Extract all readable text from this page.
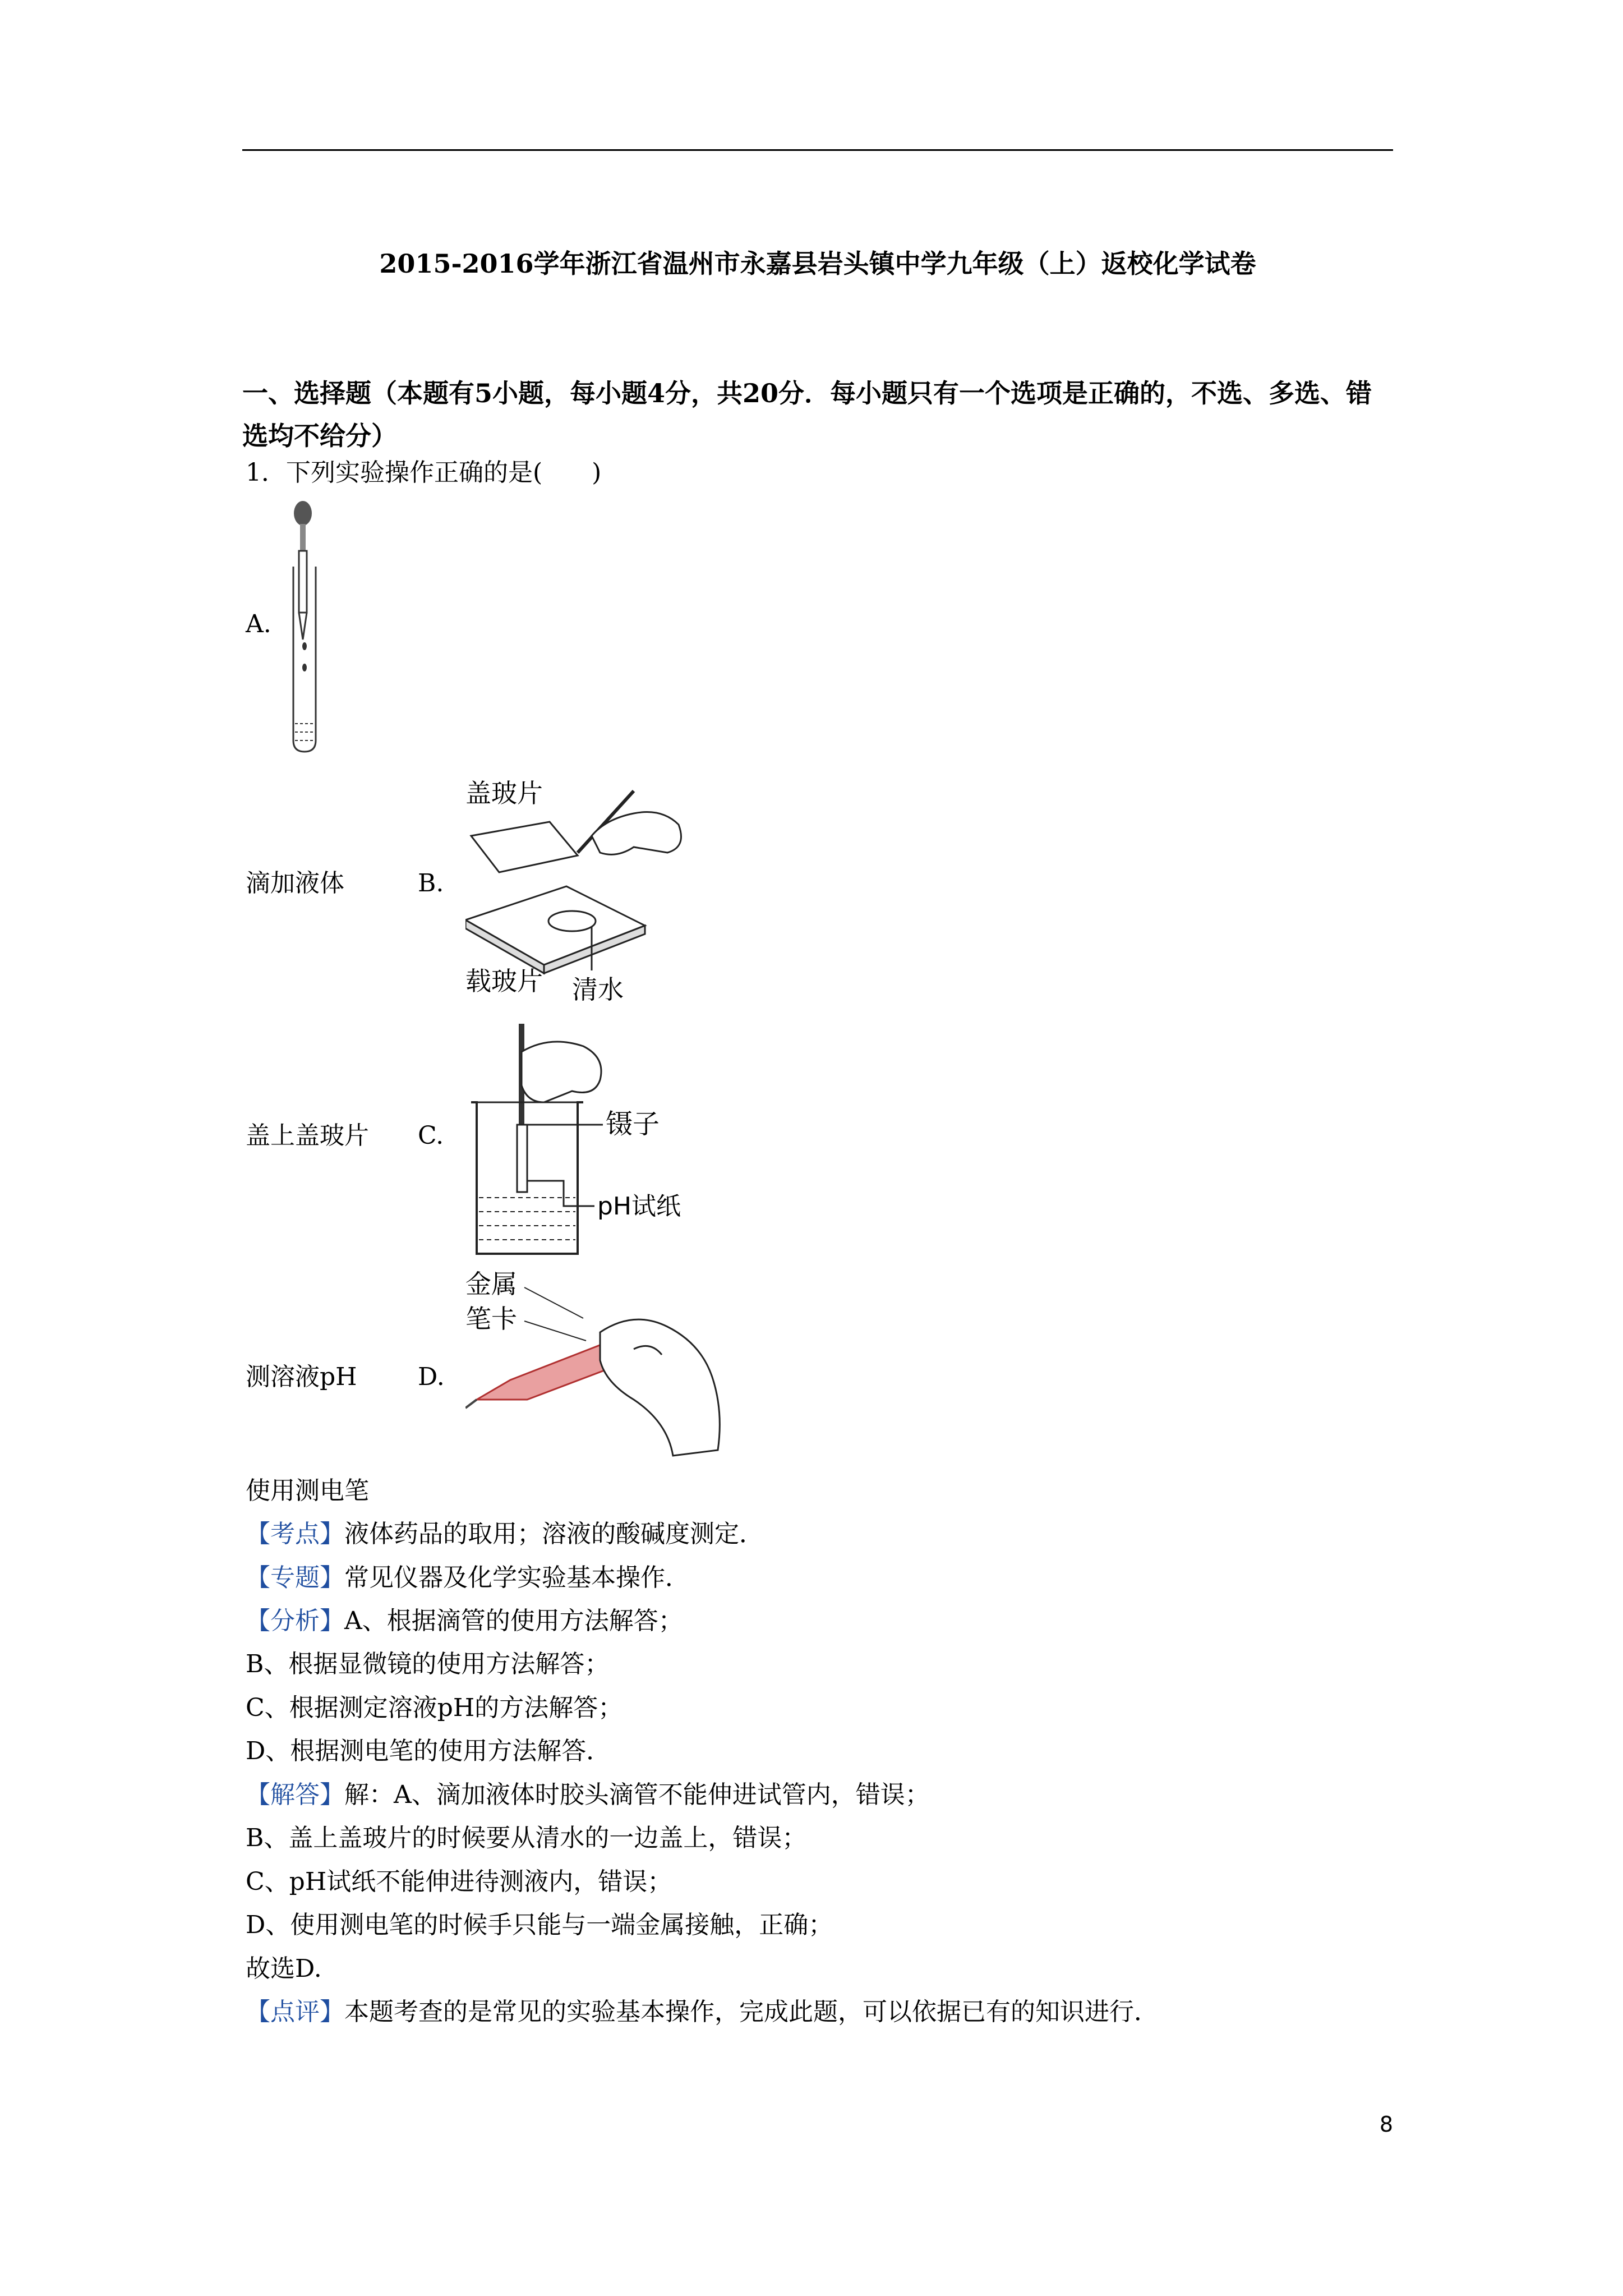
2015-2016学年浙江省温州市永嘉县岩头镇中学九年级（上）返校化学试卷
一、选择题（本题有5小题，每小题4分，共20分．每小题只有一个选项是正确的，不选、多选、错选均不给分）
1．下列实验操作正确的是(　　)
A.
滴加液体	B.
盖玻片
载玻片 清水
盖上盖玻片 C.	镊子
pH试纸
测溶液pH D.
金属
笔卡
使用测电笔
【考点】液体药品的取用；溶液的酸碱度测定．
【专题】常见仪器及化学实验基本操作．
【分析】A、根据滴管的使用方法解答；
B、根据显微镜的使用方法解答；
C、根据测定溶液pH的方法解答；
D、根据测电笔的使用方法解答．
【解答】解：A、滴加液体时胶头滴管不能伸进试管内，错误；
B、盖上盖玻片的时候要从清水的一边盖上，错误；
C、pH试纸不能伸进待测液内，错误；
D、使用测电笔的时候手只能与一端金属接触，正确；
故选D.
【点评】本题考查的是常见的实验基本操作，完成此题，可以依据已有的知识进行．
8
